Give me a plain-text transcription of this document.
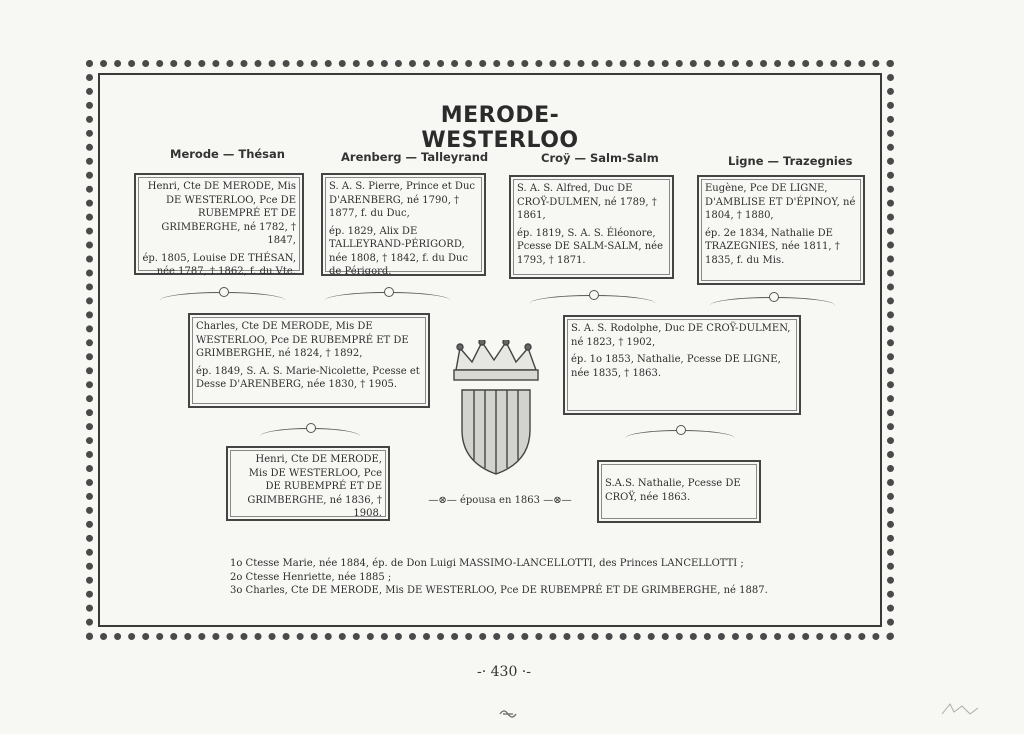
MERODE-WESTERLOO
Merode — Thésan	Arenberg — Talleyrand	Croÿ — Salm-Salm	Ligne — Trazegnies

Henri, Cte DE MERODE, Mis DE WESTERLOO, Pce DE RUBEMPRÉ ET DE GRIMBERGHE, né 1782, † 1847,

ép. 1805, Louise DE THÉSAN, née 1787, † 1862, f. du Vte.

S. A. S. Pierre, Prince et Duc D'ARENBERG, né 1790, † 1877, f. du Duc,

ép. 1829, Alix DE TALLEYRAND-PÉRIGORD, née 1808, † 1842, f. du Duc de Périgord.

S. A. S. Alfred, Duc DE CROŸ-DULMEN, né 1789, † 1861,

ép. 1819, S. A. S. Éléonore, Pcesse DE SALM-SALM, née 1793, † 1871.

Eugène, Pce DE LIGNE, D'AMBLISE ET D'ÉPINOY, né 1804, † 1880,

ép. 2e 1834, Nathalie DE TRAZEGNIES, née 1811, † 1835, f. du Mis.

Charles, Cte DE MERODE, Mis DE WESTERLOO, Pce DE RUBEMPRÉ ET DE GRIMBERGHE, né 1824, † 1892,

ép. 1849, S. A. S. Marie-Nicolette, Pcesse et Desse D'ARENBERG, née 1830, † 1905.

S. A. S. Rodolphe, Duc DE CROŸ-DULMEN, né 1823, † 1902,

ép. 1o 1853, Nathalie, Pcesse DE LIGNE, née 1835, † 1863.

Henri, Cte DE MERODE, Mis DE WESTERLOO, Pce DE RUBEMPRÉ ET DE GRIMBERGHE, né 1836, † 1908.

S.A.S. Nathalie, Pcesse DE CROŸ, née 1863.

—⊗— épousa en 1863 —⊗—
1o Ctesse Marie, née 1884, ép. de Don Luigi MASSIMO-LANCELLOTTI, des Princes LANCELLOTTI ;
2o Ctesse Henriette, née 1885 ;
3o Charles, Cte DE MERODE, Mis DE WESTERLOO, Pce DE RUBEMPRÉ ET DE GRIMBERGHE, né 1887.
-· 430 ·-
